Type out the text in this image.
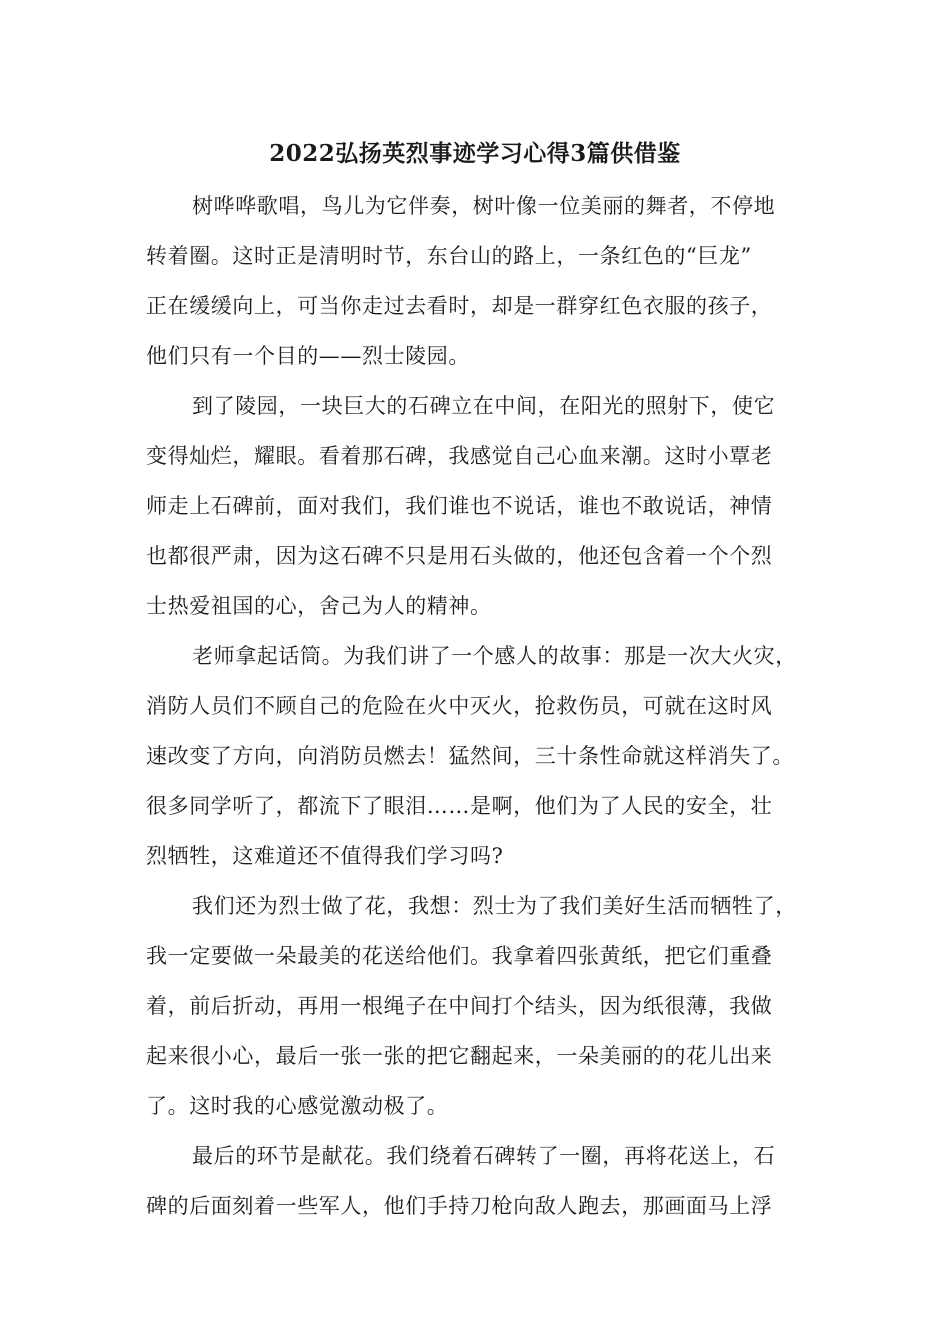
2022弘扬英烈事迹学习心得3篇供借鉴
树哗哗歌唱，鸟儿为它伴奏，树叶像一位美丽的舞者，不停地
转着圈。这时正是清明时节，东台山的路上，一条红色的“巨龙”
正在缓缓向上，可当你走过去看时，却是一群穿红色衣服的孩子，
他们只有一个目的——烈士陵园。
到了陵园，一块巨大的石碑立在中间，在阳光的照射下，使它
变得灿烂，耀眼。看着那石碑，我感觉自己心血来潮。这时小覃老
师走上石碑前，面对我们，我们谁也不说话，谁也不敢说话，神情
也都很严肃，因为这石碑不只是用石头做的，他还包含着一个个烈
士热爱祖国的心，舍己为人的精神。
老师拿起话筒。为我们讲了一个感人的故事：那是一次大火灾，
消防人员们不顾自己的危险在火中灭火，抢救伤员，可就在这时风
速改变了方向，向消防员燃去！猛然间，三十条性命就这样消失了。
很多同学听了，都流下了眼泪……是啊，他们为了人民的安全，壮
烈牺牲，这难道还不值得我们学习吗?
我们还为烈士做了花，我想：烈士为了我们美好生活而牺牲了，
我一定要做一朵最美的花送给他们。我拿着四张黄纸，把它们重叠
着，前后折动，再用一根绳子在中间打个结头，因为纸很薄，我做
起来很小心，最后一张一张的把它翻起来，一朵美丽的的花儿出来
了。这时我的心感觉激动极了。
最后的环节是献花。我们绕着石碑转了一圈，再将花送上，石
碑的后面刻着一些军人，他们手持刀枪向敌人跑去，那画面马上浮
